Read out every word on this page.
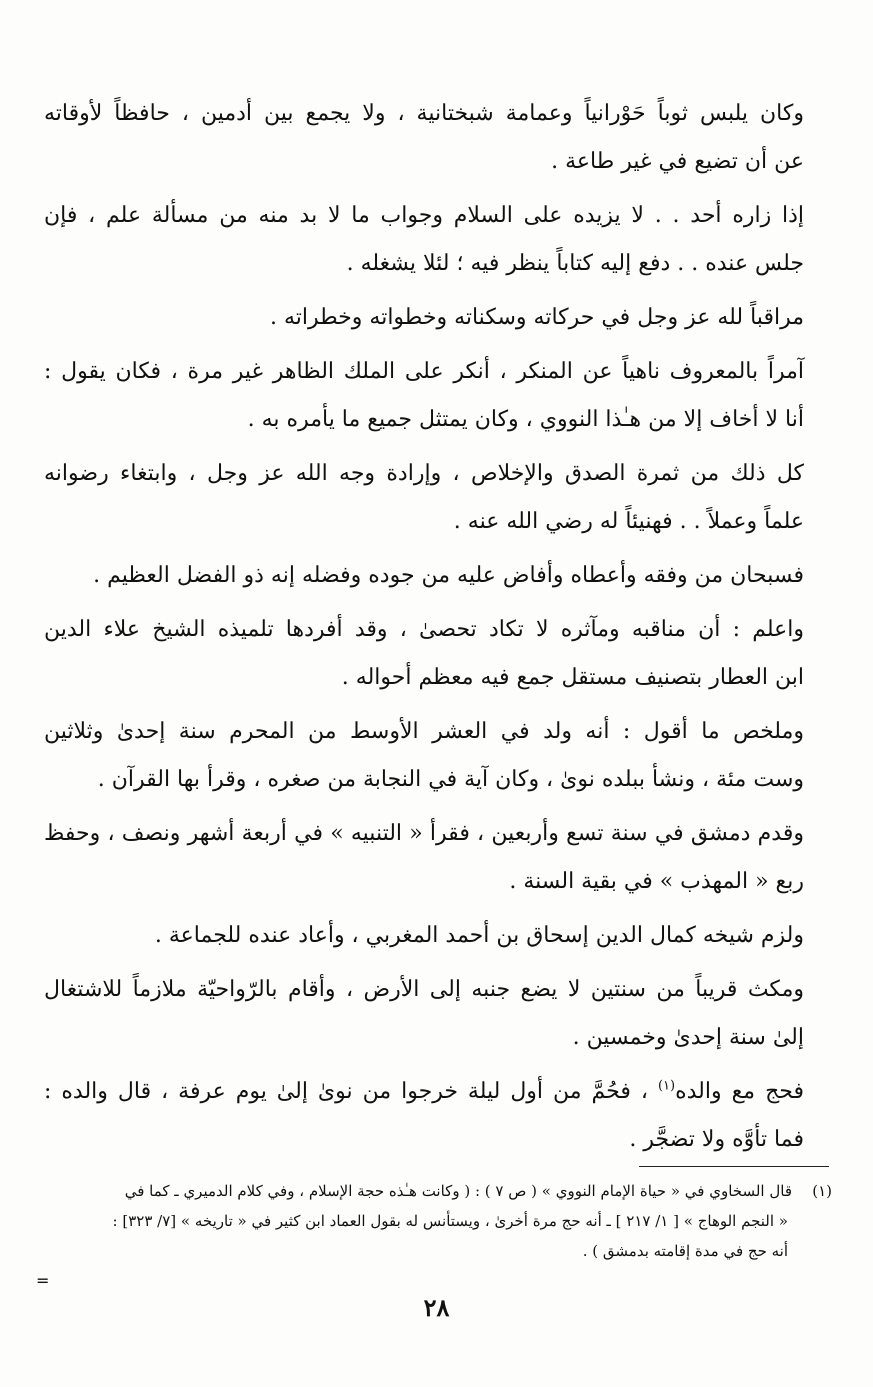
وكان يلبس ثوباً حَوْرانياً وعمامة شبختانية ، ولا يجمع بين أدمين ، حافظاً لأوقاته
عن أن تضيع في غير طاعة .

إذا زاره أحد . . لا يزيده على السلام وجواب ما لا بد منه من مسألة علم ، فإن
جلس عنده . . دفع إليه كتاباً ينظر فيه ؛ لئلا يشغله .

مراقباً لله عز وجل في حركاته وسكناته وخطواته وخطراته .

آمراً بالمعروف ناهياً عن المنكر ، أنكر على الملك الظاهر غير مرة ، فكان يقول :
أنا لا أخاف إلا من هـٰذا النووي ، وكان يمتثل جميع ما يأمره به .

كل ذلك من ثمرة الصدق والإخلاص ، وإرادة وجه الله عز وجل ، وابتغاء رضوانه
علماً وعملاً . . فهنيئاً له رضي الله عنه .

فسبحان من وفقه وأعطاه وأفاض عليه من جوده وفضله إنه ذو الفضل العظيم .

واعلم : أن مناقبه ومآثره لا تكاد تحصىٰ ، وقد أفردها تلميذه الشيخ علاء الدين
ابن العطار بتصنيف مستقل جمع فيه معظم أحواله .

وملخص ما أقول : أنه ولد في العشر الأوسط من المحرم سنة إحدىٰ وثلاثين
وست مئة ، ونشأ ببلده نوىٰ ، وكان آية في النجابة من صغره ، وقرأ بها القرآن .

وقدم دمشق في سنة تسع وأربعين ، فقرأ « التنبيه » في أربعة أشهر ونصف ، وحفظ
ربع « المهذب » في بقية السنة .

ولزم شيخه كمال الدين إسحاق بن أحمد المغربي ، وأعاد عنده للجماعة .

ومكث قريباً من سنتين لا يضع جنبه إلى الأرض ، وأقام بالرّواحيّة ملازماً للاشتغال
إلىٰ سنة إحدىٰ وخمسين .

فحج مع والده$^{(١)}$ ، فحُمَّ من أول ليلة خرجوا من نوىٰ إلىٰ يوم عرفة ، قال والده :
فما تأوَّه ولا تضجَّر .

(١)قال السخاوي في « حياة الإمام النووي » ( ص ٧ ) : ( وكانت هـٰذه حجة الإسلام ، وفي كلام الدميري ـ كما في
« النجم الوهاج » [ ١/ ٢١٧ ] ـ أنه حج مرة أخرىٰ ، ويستأنس له بقول العماد ابن كثير في « تاريخه » [٧/ ٣٢٣] :
أنه حج في مدة إقامته بدمشق ) .
=
٢٨
